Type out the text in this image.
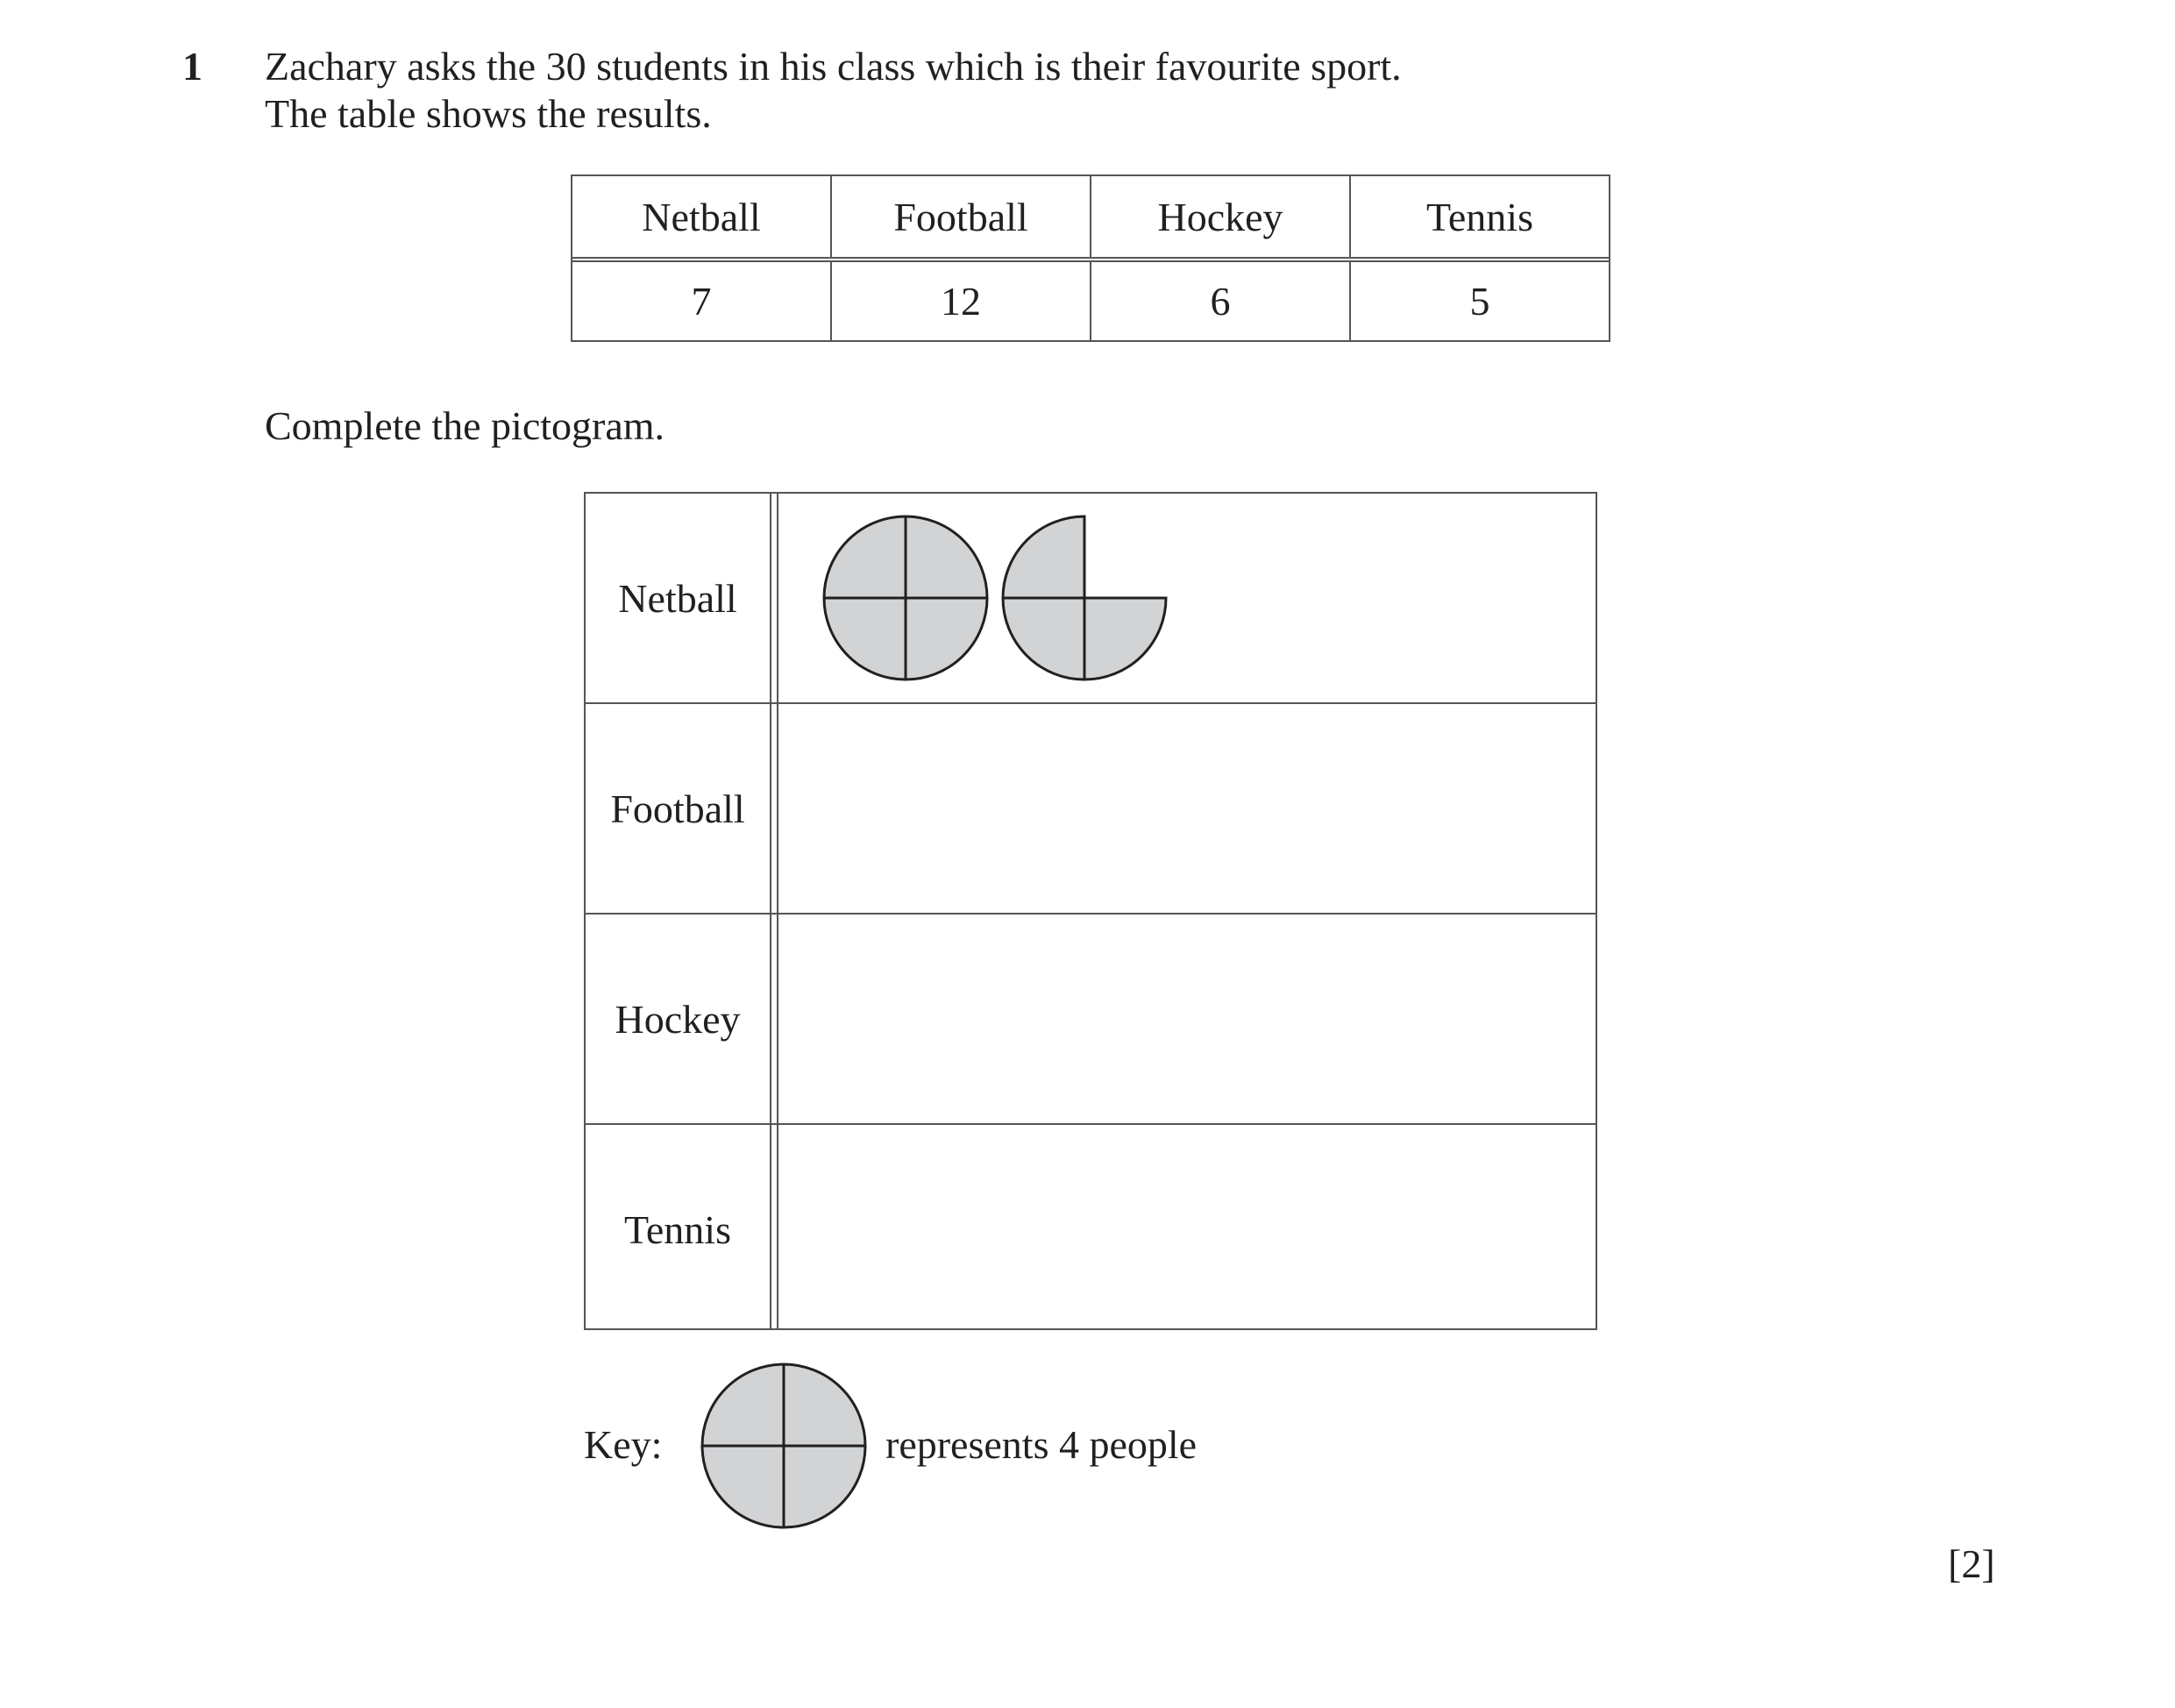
1 Zachary asks the 30 students in his class which is their favourite sport.
The table shows the results.
Netball	Football	Hockey	Tennis
7	12	6	5
Complete the pictogram.
Netball
Football
Hockey
Tennis
Key:	represents 4 people
[2]
